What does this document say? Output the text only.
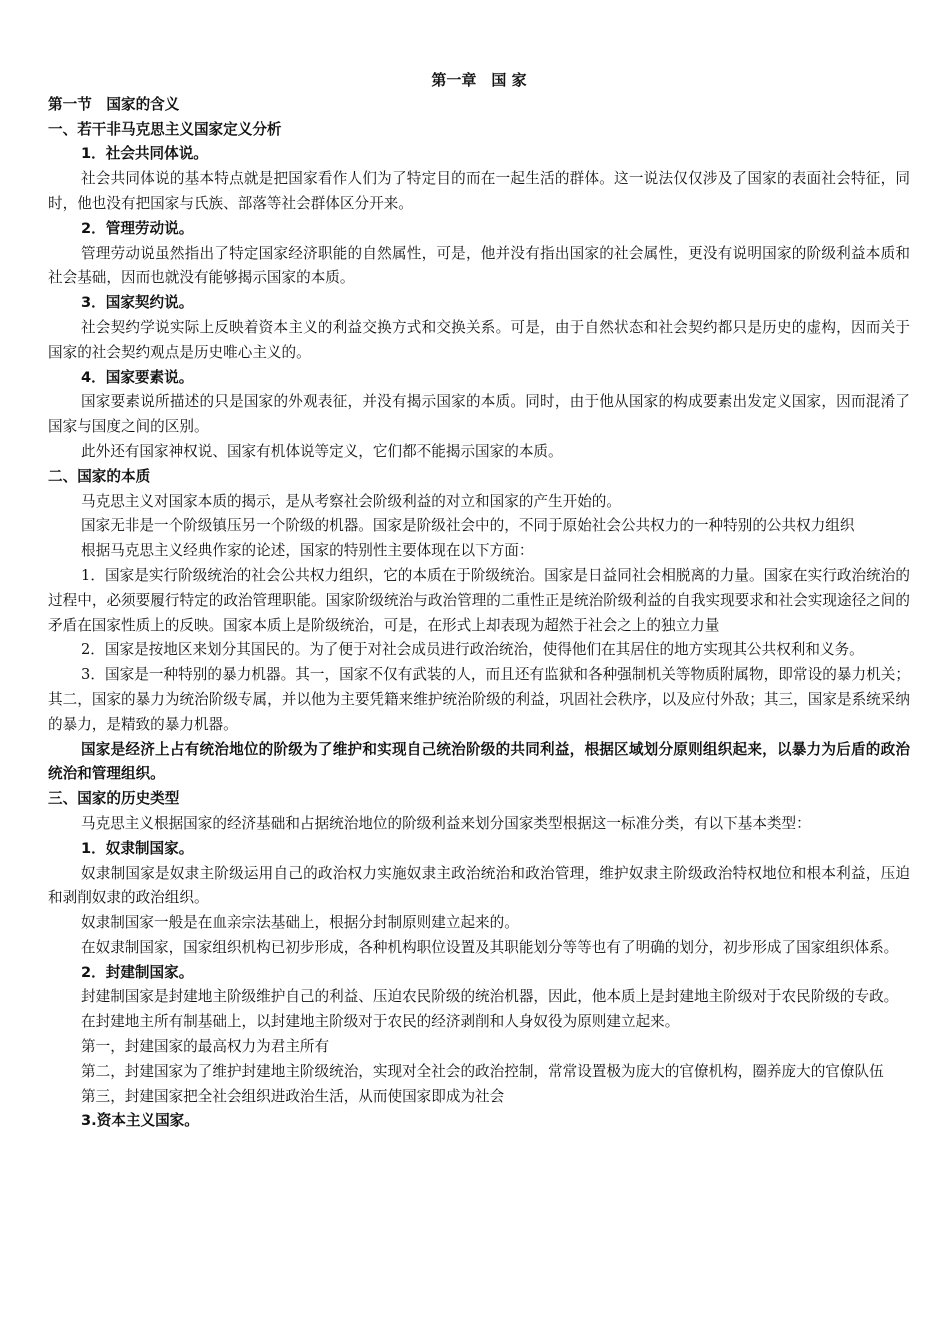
第一章　国 家
第一节　国家的含义
一、若干非马克思主义国家定义分析
1．社会共同体说。
社会共同体说的基本特点就是把国家看作人们为了特定目的而在一起生活的群体。这一说法仅仅涉及了国家的表面社会特征，同时，他也没有把国家与氏族、部落等社会群体区分开来。
2．管理劳动说。
管理劳动说虽然指出了特定国家经济职能的自然属性，可是，他并没有指出国家的社会属性，更没有说明国家的阶级利益本质和社会基础，因而也就没有能够揭示国家的本质。
3．国家契约说。
社会契约学说实际上反映着资本主义的利益交换方式和交换关系。可是，由于自然状态和社会契约都只是历史的虚构，因而关于国家的社会契约观点是历史唯心主义的。
4．国家要素说。
国家要素说所描述的只是国家的外观表征，并没有揭示国家的本质。同时，由于他从国家的构成要素出发定义国家，因而混淆了国家与国度之间的区别。
此外还有国家神权说、国家有机体说等定义，它们都不能揭示国家的本质。
二、国家的本质
马克思主义对国家本质的揭示，是从考察社会阶级利益的对立和国家的产生开始的。
国家无非是一个阶级镇压另一个阶级的机器。国家是阶级社会中的，不同于原始社会公共权力的一种特别的公共权力组织
根据马克思主义经典作家的论述，国家的特别性主要体现在以下方面：
1．国家是实行阶级统治的社会公共权力组织，它的本质在于阶级统治。国家是日益同社会相脱离的力量。国家在实行政治统治的过程中，必须要履行特定的政治管理职能。国家阶级统治与政治管理的二重性正是统治阶级利益的自我实现要求和社会实现途径之间的矛盾在国家性质上的反映。国家本质上是阶级统治，可是，在形式上却表现为超然于社会之上的独立力量
2．国家是按地区来划分其国民的。为了便于对社会成员进行政治统治，使得他们在其居住的地方实现其公共权利和义务。
3．国家是一种特别的暴力机器。其一，国家不仅有武装的人，而且还有监狱和各种强制机关等物质附属物，即常设的暴力机关；其二，国家的暴力为统治阶级专属，并以他为主要凭籍来维护统治阶级的利益，巩固社会秩序，以及应付外敌；其三，国家是系统采纳的暴力，是精致的暴力机器。
国家是经济上占有统治地位的阶级为了维护和实现自己统治阶级的共同利益，根据区域划分原则组织起来，以暴力为后盾的政治统治和管理组织。
三、国家的历史类型
马克思主义根据国家的经济基础和占据统治地位的阶级利益来划分国家类型根据这一标准分类，有以下基本类型：
1．奴隶制国家。
奴隶制国家是奴隶主阶级运用自己的政治权力实施奴隶主政治统治和政治管理，维护奴隶主阶级政治特权地位和根本利益，压迫和剥削奴隶的政治组织。
奴隶制国家一般是在血亲宗法基础上，根据分封制原则建立起来的。
在奴隶制国家，国家组织机构已初步形成，各种机构职位设置及其职能划分等等也有了明确的划分，初步形成了国家组织体系。
2．封建制国家。
封建制国家是封建地主阶级维护自己的利益、压迫农民阶级的统治机器，因此，他本质上是封建地主阶级对于农民阶级的专政。
在封建地主所有制基础上，以封建地主阶级对于农民的经济剥削和人身奴役为原则建立起来。
第一，封建国家的最高权力为君主所有
第二，封建国家为了维护封建地主阶级统治，实现对全社会的政治控制，常常设置极为庞大的官僚机构，圈养庞大的官僚队伍
第三，封建国家把全社会组织进政治生活，从而使国家即成为社会
3.资本主义国家。
